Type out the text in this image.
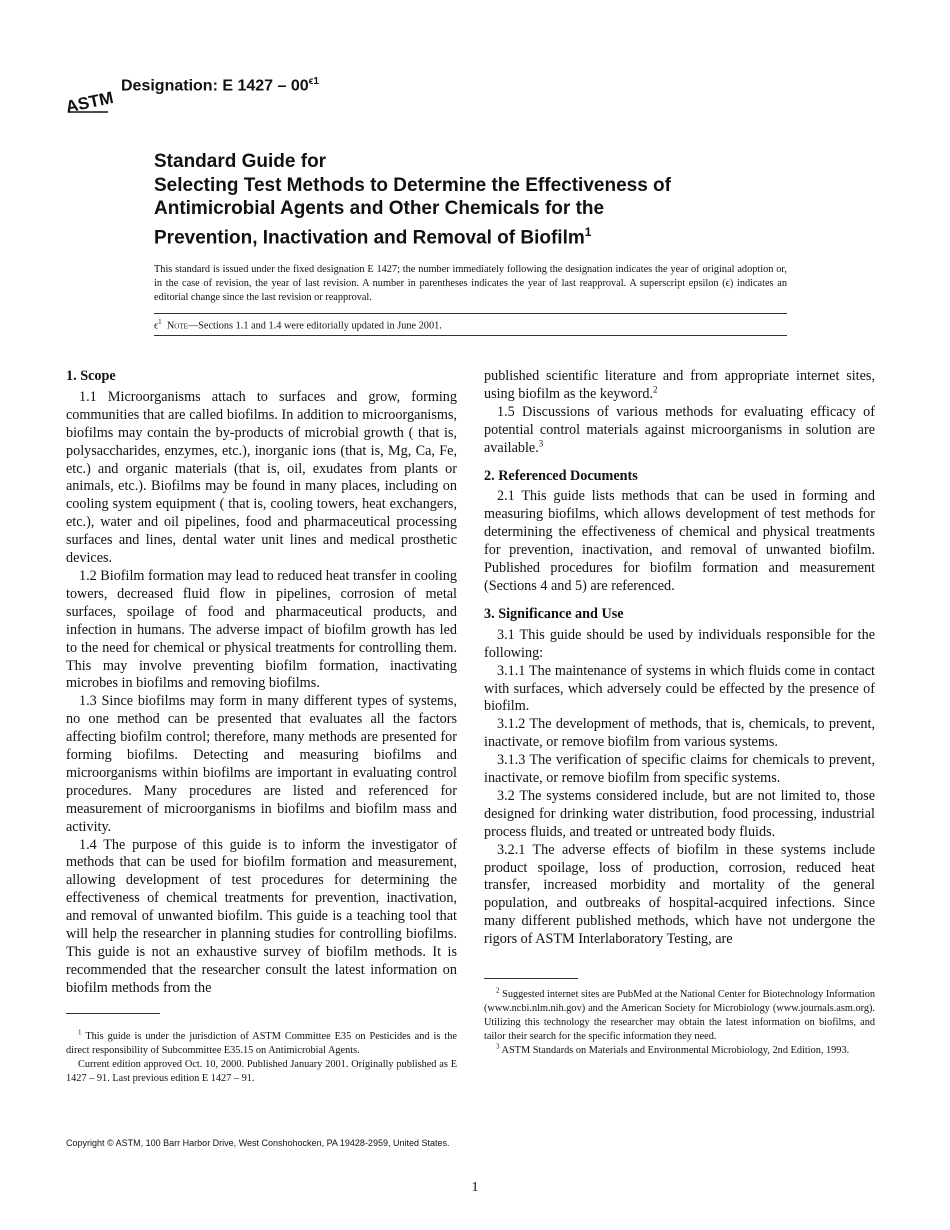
ASTM
Designation: E $1427 - 00^{\epsilon 1}$
Standard Guide for
Selecting Test Methods to Determine the Effectiveness of
Antimicrobial Agents and Other Chemicals for the
Prevention, Inactivation and Removal of Biofilm$^1$
This standard is issued under the fixed designation E 1427; the number immediately following the designation indicates the year of original adoption or, in the case of revision, the year of last revision. A number in parentheses indicates the year of last reapproval. A superscript epsilon (ϵ) indicates an editorial change since the last revision or reapproval.
$\epsilon^1$ Note—Sections 1.1 and 1.4 were editorially updated in June 2001.
1. Scope

1.1 Microorganisms attach to surfaces and grow, forming communities that are called biofilms. In addition to microorganisms, biofilms may contain the by-products of microbial growth ( that is, polysaccharides, enzymes, etc.), inorganic ions (that is, Mg, Ca, Fe, etc.) and organic materials (that is, oil, exudates from plants or animals, etc.). Biofilms may be found in many places, including on cooling system equipment ( that is, cooling towers, heat exchangers, etc.), water and oil pipelines, food and pharmaceutical processing surfaces and lines, dental water unit lines and medical prosthetic devices.

1.2 Biofilm formation may lead to reduced heat transfer in cooling towers, decreased fluid flow in pipelines, corrosion of metal surfaces, spoilage of food and pharmaceutical products, and infection in humans. The adverse impact of biofilm growth has led to the need for chemical or physical treatments for controlling them. This may involve preventing biofilm formation, inactivating microbes in biofilms and removing biofilms.

1.3 Since biofilms may form in many different types of systems, no one method can be presented that evaluates all the factors affecting biofilm control; therefore, many methods are presented for forming biofilms. Detecting and measuring biofilms and microorganisms within biofilms are important in evaluating control procedures. Many procedures are listed and referenced for measurement of microorganisms in biofilms and biofilm mass and activity.

1.4 The purpose of this guide is to inform the investigator of methods that can be used for biofilm formation and measurement, allowing development of test procedures for determining the effectiveness of chemical treatments for prevention, inactivation, and removal of unwanted biofilm. This guide is a teaching tool that will help the researcher in planning studies for controlling biofilms. This guide is not an exhaustive survey of biofilm methods. It is recommended that the researcher consult the latest information on biofilm methods from the

published scientific literature and from appropriate internet sites, using biofilm as the keyword.$^2$

1.5 Discussions of various methods for evaluating efficacy of potential control materials against microorganisms in solution are available.$^3$

2. Referenced Documents

2.1 This guide lists methods that can be used in forming and measuring biofilms, which allows development of test methods for determining the effectiveness of chemical and physical treatments for prevention, inactivation, and removal of unwanted biofilm. Published procedures for biofilm formation and measurement (Sections 4 and 5) are referenced.

3. Significance and Use

3.1 This guide should be used by individuals responsible for the following:

3.1.1 The maintenance of systems in which fluids come in contact with surfaces, which adversely could be effected by the presence of biofilm.

3.1.2 The development of methods, that is, chemicals, to prevent, inactivate, or remove biofilm from various systems.

3.1.3 The verification of specific claims for chemicals to prevent, inactivate, or remove biofilm from specific systems.

3.2 The systems considered include, but are not limited to, those designed for drinking water distribution, food processing, industrial process fluids, and treated or untreated body fluids.

3.2.1 The adverse effects of biofilm in these systems include product spoilage, loss of production, corrosion, reduced heat transfer, increased morbidity and mortality of the general population, and outbreaks of hospital-acquired infections. Since many different published methods, which have not undergone the rigors of ASTM Interlaboratory Testing, are

$^1$ This guide is under the jurisdiction of ASTM Committee E35 on Pesticides and is the direct responsibility of Subcommittee E35.15 on Antimicrobial Agents.

Current edition approved Oct. 10, 2000. Published January 2001. Originally published as E 1427 – 91. Last previous edition E 1427 – 91.

$^2$ Suggested internet sites are PubMed at the National Center for Biotechnology Information (www.ncbi.nlm.nih.gov) and the American Society for Microbiology (www.journals.asm.org). Utilizing this technology the researcher may obtain the latest information on biofilms, and tailor their search for the specific information they need.

$^3$ ASTM Standards on Materials and Environmental Microbiology, 2nd Edition, 1993.

Copyright © ASTM, 100 Barr Harbor Drive, West Conshohocken, PA 19428-2959, United States.
1
